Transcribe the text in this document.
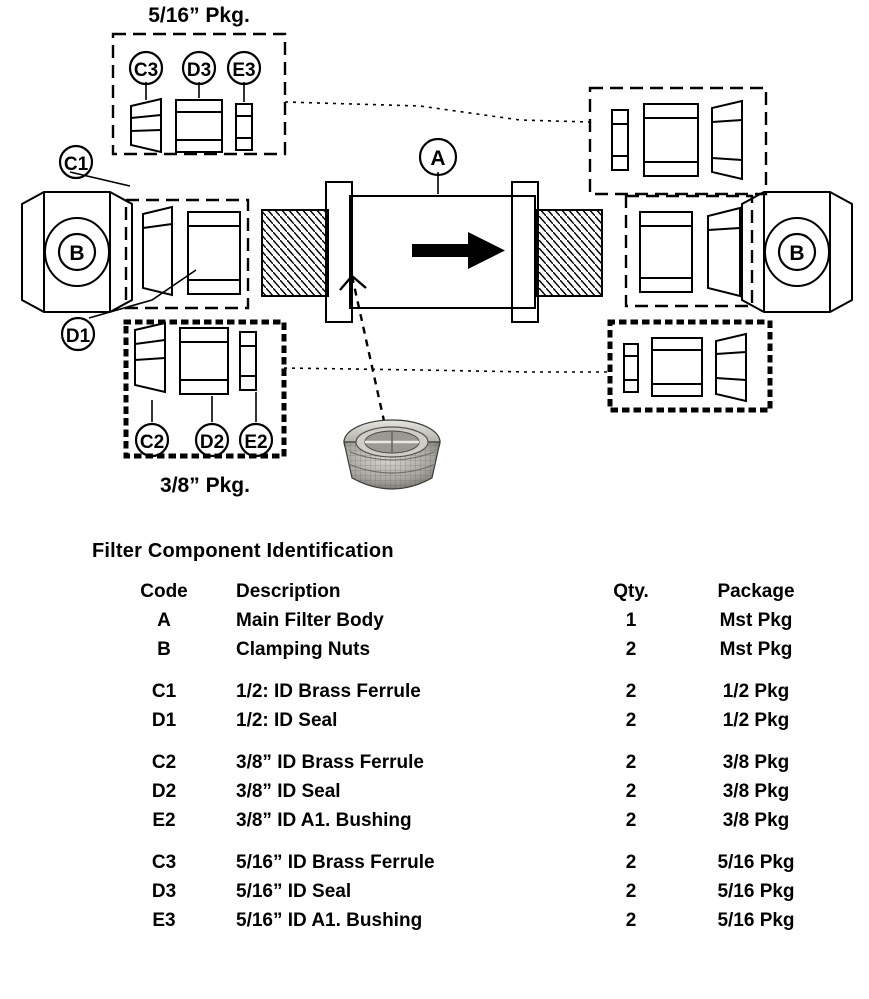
5/16” Pkg.
3/8” Pkg.
C3 D3 E3
C1
D1
C2 D2 E2
A
B	B
Filter Component Identification
Code	Description	Qty.	Package
A	Main Filter Body	1	Mst Pkg
B	Clamping Nuts	2	Mst Pkg

C1	1/2: ID Brass Ferrule	2	1/2 Pkg
D1	1/2: ID Seal	2	1/2 Pkg

C2	3/8” ID Brass Ferrule	2	3/8 Pkg
D2	3/8” ID Seal	2	3/8 Pkg
E2	3/8” ID A1. Bushing	2	3/8 Pkg

C3	5/16” ID Brass Ferrule	2	5/16 Pkg
D3	5/16” ID Seal	2	5/16 Pkg
E3	5/16” ID A1. Bushing	2	5/16 Pkg
